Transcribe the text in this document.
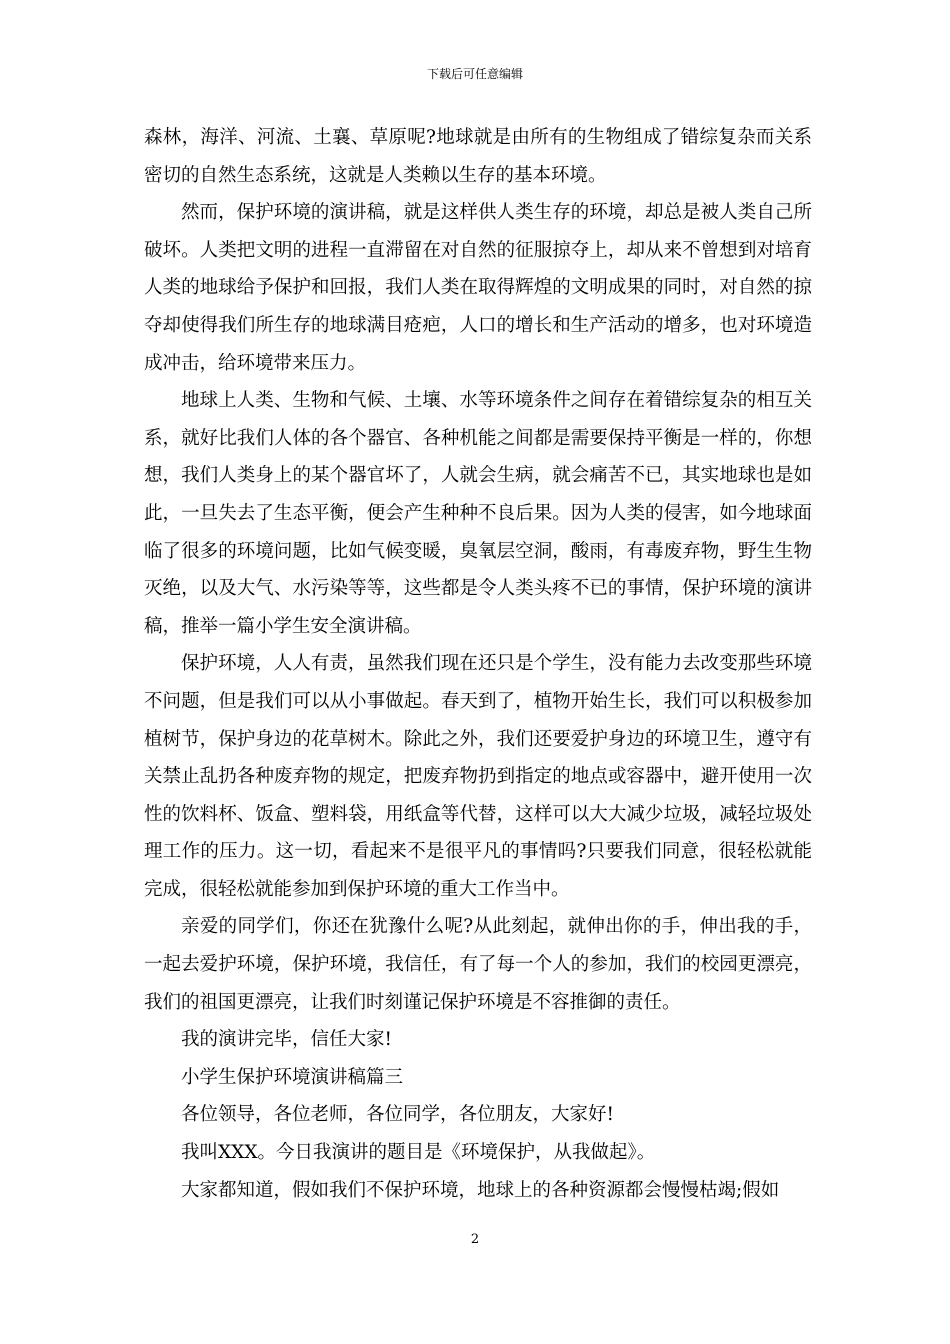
下载后可任意编辑

森林，海洋、河流、土襄、草原呢?地球就是由所有的生物组成了错综复杂而关系密切的自然生态系统，这就是人类赖以生存的基本环境。

然而，保护环境的演讲稿，就是这样供人类生存的环境，却总是被人类自己所破坏。人类把文明的进程一直滞留在对自然的征服掠夺上，却从来不曾想到对培育人类的地球给予保护和回报，我们人类在取得辉煌的文明成果的同时，对自然的掠夺却使得我们所生存的地球满目疮疤，人口的增长和生产活动的增多，也对环境造成冲击，给环境带来压力。

地球上人类、生物和气候、土壤、水等环境条件之间存在着错综复杂的相互关系，就好比我们人体的各个器官、各种机能之间都是需要保持平衡是一样的，你想想，我们人类身上的某个器官坏了，人就会生病，就会痛苦不已，其实地球也是如此，一旦失去了生态平衡，便会产生种种不良后果。因为人类的侵害，如今地球面临了很多的环境问题，比如气候变暖，臭氧层空洞，酸雨，有毒废弃物，野生生物灭绝，以及大气、水污染等等，这些都是令人类头疼不已的事情，保护环境的演讲稿，推举一篇小学生安全演讲稿。

保护环境，人人有责，虽然我们现在还只是个学生，没有能力去改变那些环境不问题，但是我们可以从小事做起。春天到了，植物开始生长，我们可以积极参加植树节，保护身边的花草树木。除此之外，我们还要爱护身边的环境卫生，遵守有关禁止乱扔各种废弃物的规定，把废弃物扔到指定的地点或容器中，避开使用一次性的饮料杯、饭盒、塑料袋，用纸盒等代替，这样可以大大减少垃圾，减轻垃圾处理工作的压力。这一切，看起来不是很平凡的事情吗?只要我们同意，很轻松就能完成，很轻松就能参加到保护环境的重大工作当中。

亲爱的同学们，你还在犹豫什么呢?从此刻起，就伸出你的手，伸出我的手，一起去爱护环境，保护环境，我信任，有了每一个人的参加，我们的校园更漂亮，我们的祖国更漂亮，让我们时刻谨记保护环境是不容推御的责任。

我的演讲完毕，信任大家!

小学生保护环境演讲稿篇三

各位领导，各位老师，各位同学，各位朋友，大家好!

我叫XXX。今日我演讲的题目是《环境保护，从我做起》。

大家都知道，假如我们不保护环境，地球上的各种资源都会慢慢枯竭;假如

2
